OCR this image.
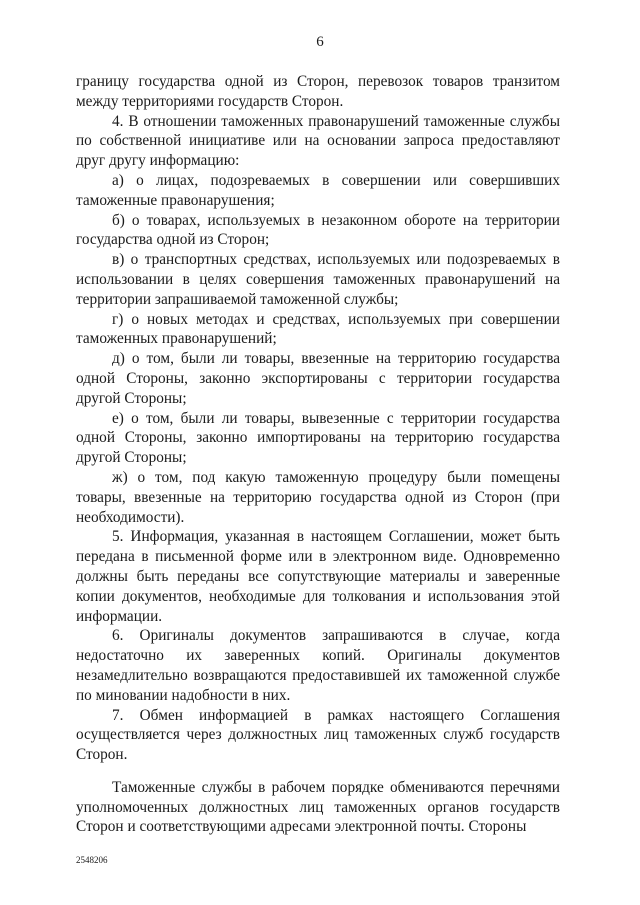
6

границу государства одной из Сторон, перевозок товаров транзитом между территориями государств Сторон.

4. В отношении таможенных правонарушений таможенные службы по собственной инициативе или на основании запроса предоставляют друг другу информацию:

а) о лицах, подозреваемых в совершении или совершивших таможенные правонарушения;

б) о товарах, используемых в незаконном обороте на территории государства одной из Сторон;

в) о транспортных средствах, используемых или подозреваемых в использовании в целях совершения таможенных правонарушений на территории запрашиваемой таможенной службы;

г) о новых методах и средствах, используемых при совершении таможенных правонарушений;

д) о том, были ли товары, ввезенные на территорию государства одной Стороны, законно экспортированы с территории государства другой Стороны;

е) о том, были ли товары, вывезенные с территории государства одной Стороны, законно импортированы на территорию государства другой Стороны;

ж) о том, под какую таможенную процедуру были помещены товары, ввезенные на территорию государства одной из Сторон (при необходимости).

5. Информация, указанная в настоящем Соглашении, может быть передана в письменной форме или в электронном виде. Одновременно должны быть переданы все сопутствующие материалы и заверенные копии документов, необходимые для толкования и использования этой информации.

6. Оригиналы документов запрашиваются в случае, когда недостаточно их заверенных копий. Оригиналы документов незамедлительно возвращаются предоставившей их таможенной службе по миновании надобности в них.

7. Обмен информацией в рамках настоящего Соглашения осуществляется через должностных лиц таможенных служб государств Сторон.

Таможенные службы в рабочем порядке обмениваются перечнями уполномоченных должностных лиц таможенных органов государств Сторон и соответствующими адресами электронной почты. Стороны

2548206
